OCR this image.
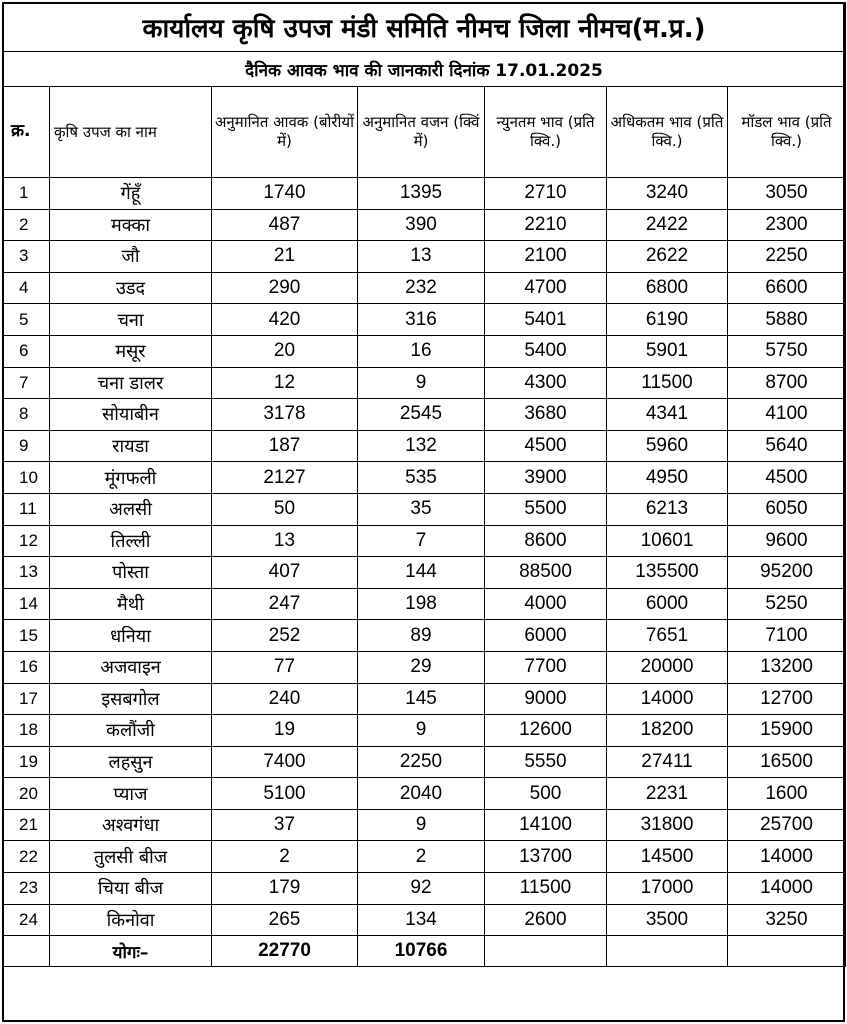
कार्यालय कृषि उपज मंडी समिति नीमच जिला नीमच(म.प्र.)						
दैनिक आवक भाव की जानकारी दिनांक 17.01.2025						
क्र.	कृषि उपज का नाम	अनुमानित आवक (बोरीयों में)	अनुमानित वजन (क्विं में)	न्युनतम भाव (प्रति क्वि.)	अधिकतम भाव (प्रति क्वि.)	मॉडल भाव (प्रति क्वि.)
1	गेंहूँ	1740	1395	2710	3240	3050
2	मक्का	487	390	2210	2422	2300
3	जौ	21	13	2100	2622	2250
4	उडद	290	232	4700	6800	6600
5	चना	420	316	5401	6190	5880
6	मसूर	20	16	5400	5901	5750
7	चना डालर	12	9	4300	11500	8700
8	सोयाबीन	3178	2545	3680	4341	4100
9	रायडा	187	132	4500	5960	5640
10	मूंगफली	2127	535	3900	4950	4500
11	अलसी	50	35	5500	6213	6050
12	तिल्ली	13	7	8600	10601	9600
13	पोस्ता	407	144	88500	135500	95200
14	मैथी	247	198	4000	6000	5250
15	धनिया	252	89	6000	7651	7100
16	अजवाइन	77	29	7700	20000	13200
17	इसबगोल	240	145	9000	14000	12700
18	कलौंजी	19	9	12600	18200	15900
19	लहसुन	7400	2250	5550	27411	16500
20	प्याज	5100	2040	500	2231	1600
21	अश्वगंधा	37	9	14100	31800	25700
22	तुलसी बीज	2	2	13700	14500	14000
23	चिया बीज	179	92	11500	17000	14000
24	किनोवा	265	134	2600	3500	3250
	योगः–	22770	10766			
